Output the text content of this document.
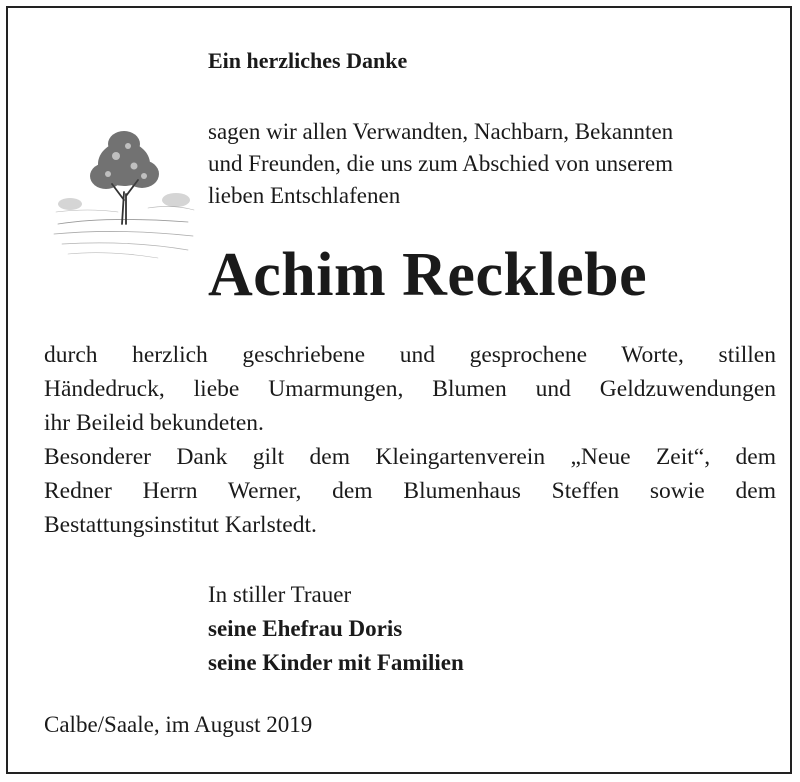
Ein herzliches Danke
sagen wir allen Verwandten, Nachbarn, Bekannten
und Freunden, die uns zum Abschied von unserem
lieben Entschlafenen
Achim Recklebe

durch herzlich geschriebene und gesprochene Worte, stillen

Händedruck, liebe Umarmungen, Blumen und Geldzuwendungen

ihr Beileid bekundeten.

Besonderer Dank gilt dem Kleingartenverein „Neue Zeit“, dem

Redner Herrn Werner, dem Blumenhaus Steffen sowie dem

Bestattungsinstitut Karlstedt.

In stiller Trauer
seine Ehefrau Doris
seine Kinder mit Familien
Calbe/Saale, im August 2019
